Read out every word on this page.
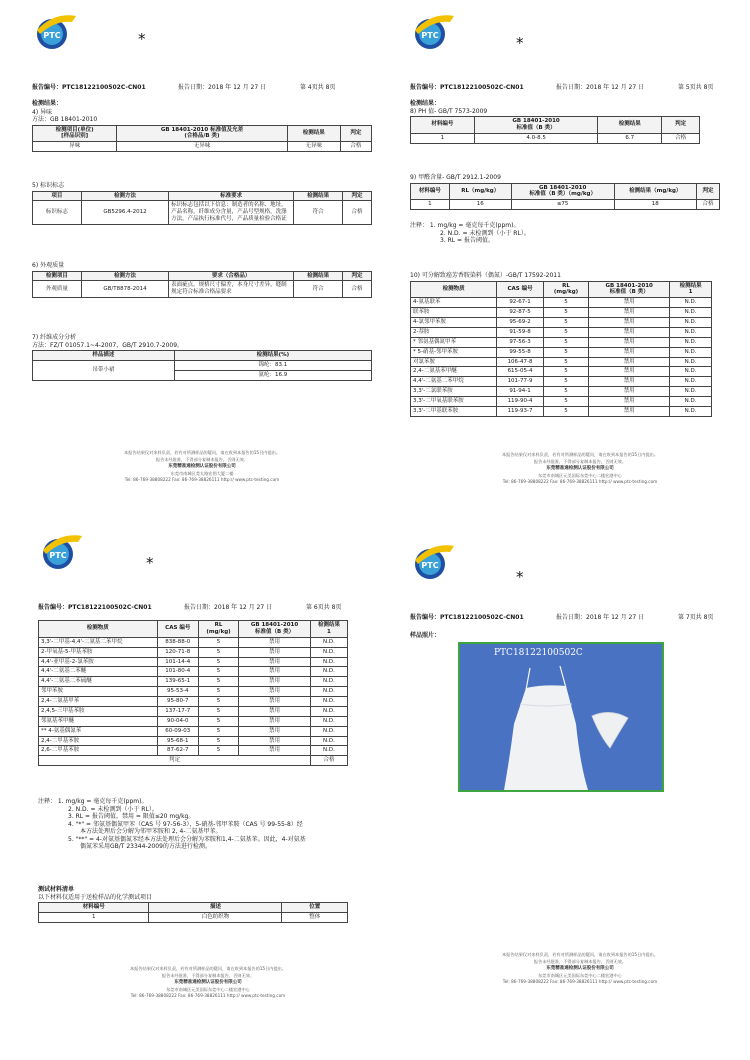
PTC	*
报告编号：PTC18122100502C-CN01	报告日期：2018 年 12 月 27 日	第 4页共 8页
检测结果：
4) 异味
方法：GB 18401-2010
检测项目(单位)
[样品识别]	GB 18401-2010 标准值及允差
(合格品/B 类)	检测结果	判定
异味	无异味	无异味	合格
5) 标识标志
项目	检测方法	标准要求	检测结果	判定
标识标志	GB5296.4-2012	标识标志包括以下信息：制造者的名称、地址，产品名称，纤维成分含量，产品号型规格，洗涤方法，产品执行标准代号，产品质量检验合格证	符合	合格
6) 外观质量
检测项目	检测方法	要求（合格品）	检测结果	判定
外观质量	GB/T8878-2014	表面疵点，规格尺寸偏差，本身尺寸差异，缝制规定符合标准合格品要求	符合	合格
7) 纤维成分分析
方法：FZ/T 01057.1~4-2007，GB/T 2910.7-2009。
样品描述	检测结果(%)
吊带小裙	锦纶：83.1
	氨纶：16.9
本报告结果仅对来样负责，若有对所测样品的疑问，请在收到本报告的15日内提出。
报告未经批准，不得部分复制本报告，否则无效。
东莞精准通检测认证股份有限公司
东莞市南城区莞太路宏图大厦二楼
Tel: 86-769-38808222 Fax: 86-769-38826111 http:// www.ptc-testing.com
PTC	*
报告编号：PTC18122100502C-CN01	报告日期：2018 年 12 月 27 日	第 5页共 8页
检测结果：
8) PH 值- GB/T 7573-2009
材料编号	GB 18401-2010
标准值（B 类）	检测结果	判定
1	4.0-8.5	6.7	合格
9) 甲醛含量- GB/T 2912.1-2009
材料编号	RL（mg/kg）	GB 18401-2010
标准值（B 类）（mg/kg）	检测结果（mg/kg）	判定
1	16	≤75	18	合格
注释： 1. mg/kg = 毫克每千克(ppm)。
2. N.D. = 未检测到（小于 RL）。
3. RL = 报告阈值。
10) 可分解致癌芳香胺染料（偶氮）-GB/T 17592-2011
检测物质	CAS 编号	RL
(mg/kg)	GB 18401-2010
标准值（B 类）	检测结果
1
4-氨基联苯	92-67-1	5	禁用	N.D.
联苯胺	92-87-5	5	禁用	N.D.
4-氯邻甲苯胺	95-69-2	5	禁用	N.D.
2-萘胺	91-59-8	5	禁用	N.D.
* 邻氨基偶氮甲苯	97-56-3	5	禁用	N.D.
* 5-硝基-邻甲苯胺	99-55-8	5	禁用	N.D.
对氯苯胺	106-47-8	5	禁用	N.D.
2,4-二氨基苯甲醚	615-05-4	5	禁用	N.D.
4,4'-二氨基二苯甲烷	101-77-9	5	禁用	N.D.
3,3'-二氯联苯胺	91-94-1	5	禁用	N.D.
3,3'-二甲氧基联苯胺	119-90-4	5	禁用	N.D.
3,3'-二甲基联苯胺	119-93-7	5	禁用	N.D.
本报告结果仅对来样负责，若有对所测样品的疑问，请在收到本报告的15日内提出。
报告未经批准，不得部分复制本报告，否则无效。
东莞精准通检测认证股份有限公司
东莞市南城区元美国际东莞中心二楼宏港中心
Tel: 86-769-38808222 Fax: 86-769-38826111 http:// www.ptc-testing.com
PTC	*
报告编号：PTC18122100502C-CN01	报告日期：2018 年 12 月 27 日	第 6页共 8页
检测物质	CAS 编号	RL
(mg/kg)	GB 18401-2010
标准值（B 类）	检测结果
1
3,3'-二甲基-4,4'-二氨基二苯甲烷	838-88-0	5	禁用	N.D.
2-甲氧基-5-甲基苯胺	120-71-8	5	禁用	N.D.
4,4'-亚甲基-2-氯苯胺	101-14-4	5	禁用	N.D.
4,4'-二氨基二苯醚	101-80-4	5	禁用	N.D.
4,4'-二氨基二苯硫醚	139-65-1	5	禁用	N.D.
邻甲苯胺	95-53-4	5	禁用	N.D.
2,4-二氨基甲苯	95-80-7	5	禁用	N.D.
2,4,5-三甲基苯胺	137-17-7	5	禁用	N.D.
邻氨基苯甲醚	90-04-0	5	禁用	N.D.
** 4-氨基偶氮苯	60-09-03	5	禁用	N.D.
2,4-二甲基苯胺	95-68-1	5	禁用	N.D.
2,6-二甲基苯胺	87-62-7	5	禁用	N.D.
判定				合格
注释： 1. mg/kg = 毫克每千克(ppm)。
2. N.D. = 未检测到（小于 RL）。
3. RL = 报告阈值，禁用 = 限值≤20 mg/kg。
4. "*" = 邻氨基偶氮甲苯（CAS 号 97-56-3），5-硝基-邻甲苯胺（CAS 号 99-55-8）经
本方法处理后会分解为邻甲苯胺和 2, 4-二氨基甲苯。
5. "**" = 4-对氨基偶氮苯经本方法处理后会分解为苯胺和1,4-二氨基苯。因此，4-对氨基
偶氮苯采用GB/T 23344-2009的方法进行检测。
测试材料清单
以下材料仅适用于送检样品的化学测试项目
材料编号	描述	位置
1	白色纺织物	整体
本报告结果仅对来样负责，若有对所测样品的疑问，请在收到本报告的15日内提出。
报告未经批准，不得部分复制本报告，否则无效。
东莞精准通检测认证股份有限公司
东莞市南城区元美国际东莞中心二楼宏港中心
Tel: 86-769-38808222 Fax: 86-769-38826111 http:// www.ptc-testing.com
PTC
*
报告编号：PTC18122100502C-CN01	报告日期：2018 年 12 月 27 日	第 7页共 8页
样品照片：
PTC18122100502C
本报告结果仅对来样负责，若有对所测样品的疑问，请在收到本报告的15日内提出。
报告未经批准，不得部分复制本报告，否则无效。
东莞精准通检测认证股份有限公司
东莞市南城区元美国际东莞中心二楼宏港中心
Tel: 86-769-38808222 Fax: 86-769-38826111 http:// www.ptc-testing.com
